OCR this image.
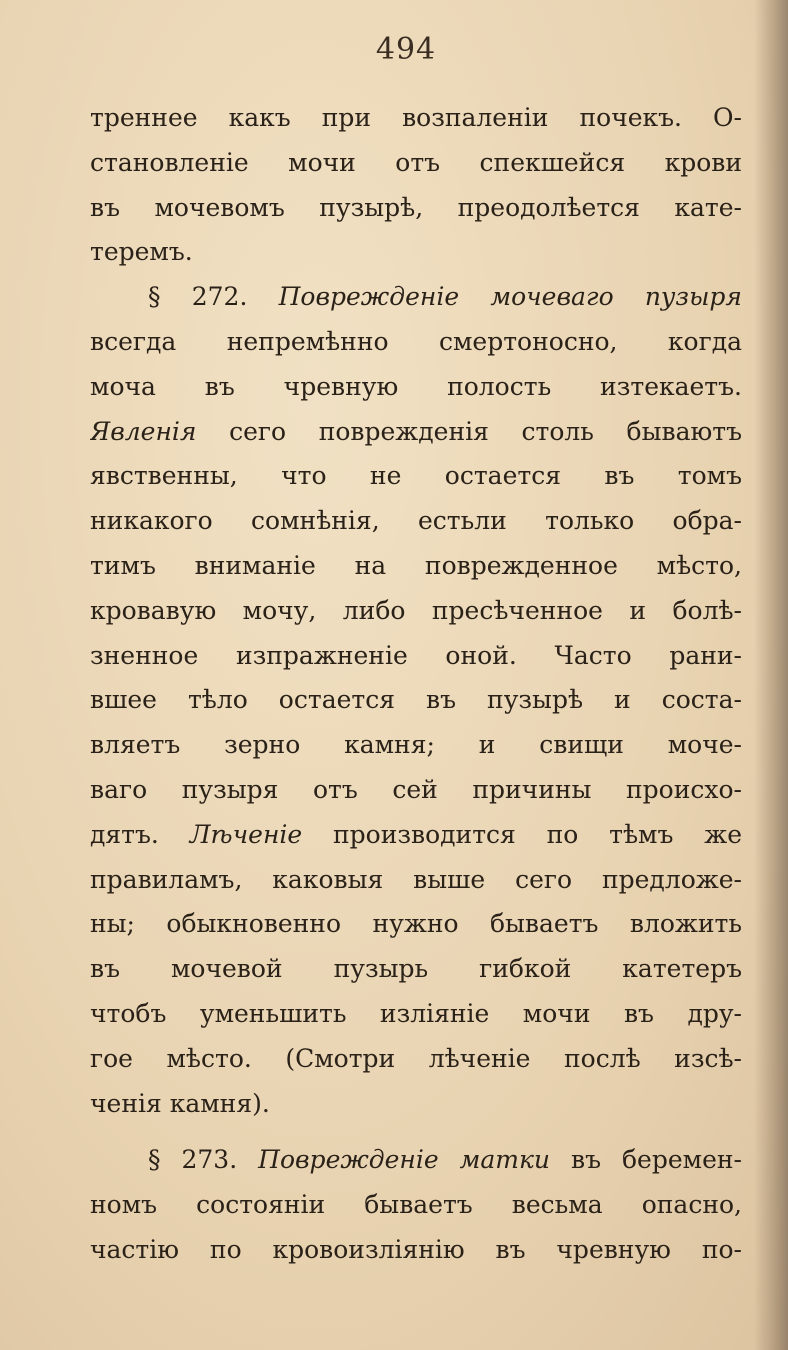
494
треннее какъ при возпаленіи почекъ. О-
становленіе мочи отъ спекшейся крови
въ мочевомъ пузырѣ, преодолѣется кате-
теремъ.
§ 272. Поврежденіе мочеваго пузыря
всегда непремѣнно смертоносно, когда
моча въ чревную полость изтекаетъ.
Явленія сего поврежденія столь бываютъ
явственны, что не остается въ томъ
никакого сомнѣнія, естьли только обра-
тимъ вниманіе на поврежденное мѣсто,
кровавую мочу, либо пресѣченное и болѣ-
зненное изпражненіе оной. Часто рани-
вшее тѣло остается въ пузырѣ и соста-
вляетъ зерно камня; и свищи моче-
ваго пузыря отъ сей причины происхо-
дятъ. Лѣченіе производится по тѣмъ же
правиламъ, каковыя выше сего предложе-
ны; обыкновенно нужно бываетъ вложить
въ мочевой пузырь гибкой катетеръ
чтобъ уменьшить изліяніе мочи въ дру-
гое мѣсто. (Смотри лѣченіе послѣ изсѣ-
ченія камня).
§ 273. Поврежденіе матки въ беремен-
номъ состояніи бываетъ весьма опасно,
частію по кровоизліянію въ чревную по-
